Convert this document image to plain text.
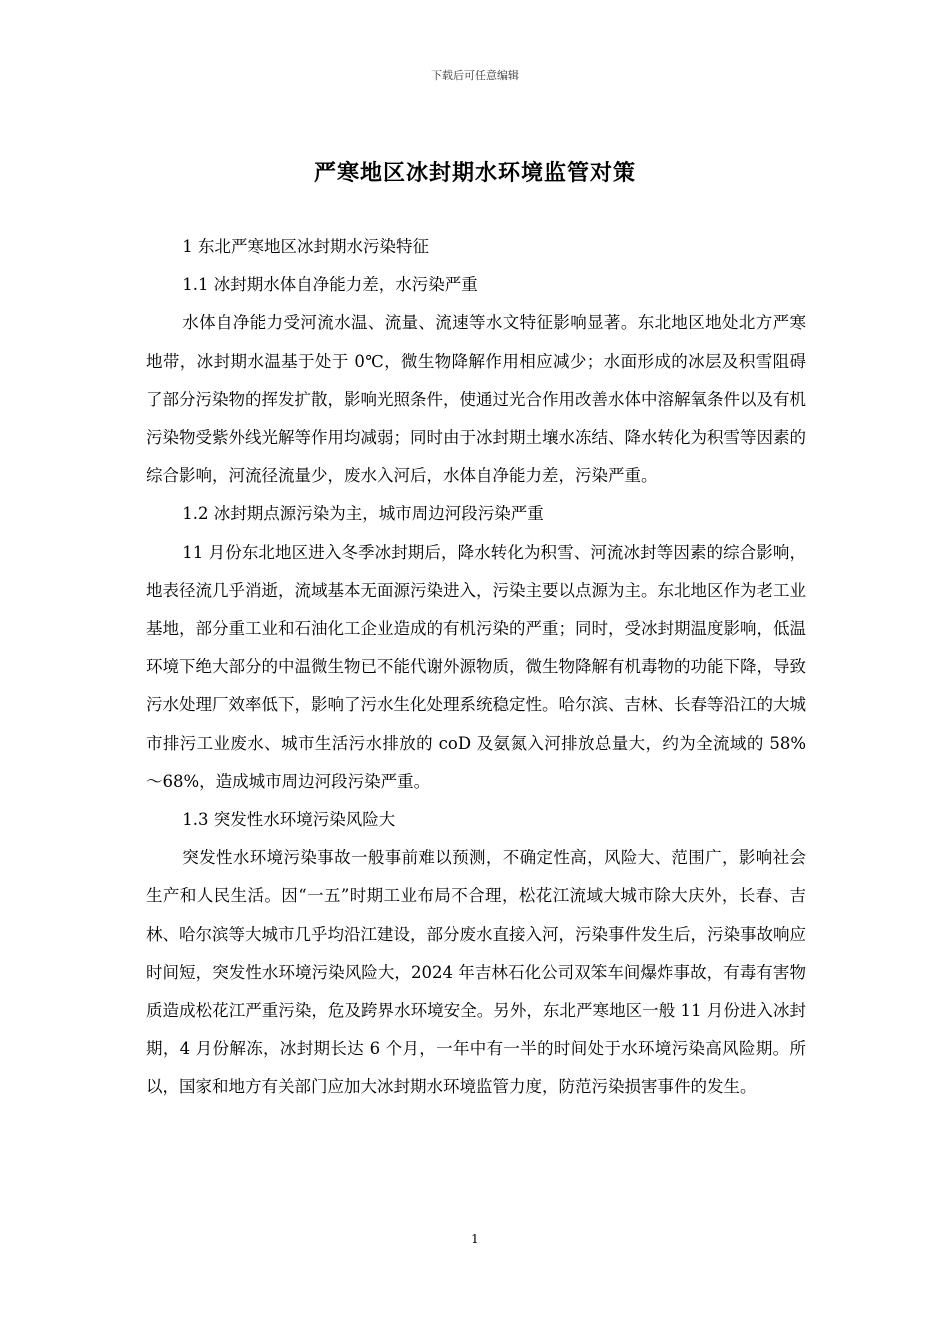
下载后可任意编辑
严寒地区冰封期水环境监管对策

1 东北严寒地区冰封期水污染特征

1.1 冰封期水体自净能力差，水污染严重

水体自净能力受河流水温、流量、流速等水文特征影响显著。东北地区地处北方严寒地带，冰封期水温基于处于 0℃，微生物降解作用相应减少；水面形成的冰层及积雪阻碍了部分污染物的挥发扩散，影响光照条件，使通过光合作用改善水体中溶解氧条件以及有机污染物受紫外线光解等作用均减弱；同时由于冰封期土壤水冻结、降水转化为积雪等因素的综合影响，河流径流量少，废水入河后，水体自净能力差，污染严重。

1.2 冰封期点源污染为主，城市周边河段污染严重

11 月份东北地区进入冬季冰封期后，降水转化为积雪、河流冰封等因素的综合影响，地表径流几乎消逝，流域基本无面源污染进入，污染主要以点源为主。东北地区作为老工业基地，部分重工业和石油化工企业造成的有机污染的严重；同时，受冰封期温度影响，低温环境下绝大部分的中温微生物已不能代谢外源物质，微生物降解有机毒物的功能下降，导致污水处理厂效率低下，影响了污水生化处理系统稳定性。哈尔滨、吉林、长春等沿江的大城市排污工业废水、城市生活污水排放的 coD 及氨氮入河排放总量大，约为全流域的 58%～68%，造成城市周边河段污染严重。

1.3 突发性水环境污染风险大

突发性水环境污染事故一般事前难以预测，不确定性高，风险大、范围广，影响社会生产和人民生活。因“一五”时期工业布局不合理，松花江流域大城市除大庆外，长春、吉林、哈尔滨等大城市几乎均沿江建设，部分废水直接入河，污染事件发生后，污染事故响应时间短，突发性水环境污染风险大，2024 年吉林石化公司双笨车间爆炸事故，有毒有害物质造成松花江严重污染，危及跨界水环境安全。另外，东北严寒地区一般 11 月份进入冰封期，4 月份解冻，冰封期长达 6 个月，一年中有一半的时间处于水环境污染高风险期。所以，国家和地方有关部门应加大冰封期水环境监管力度，防范污染损害事件的发生。

1
